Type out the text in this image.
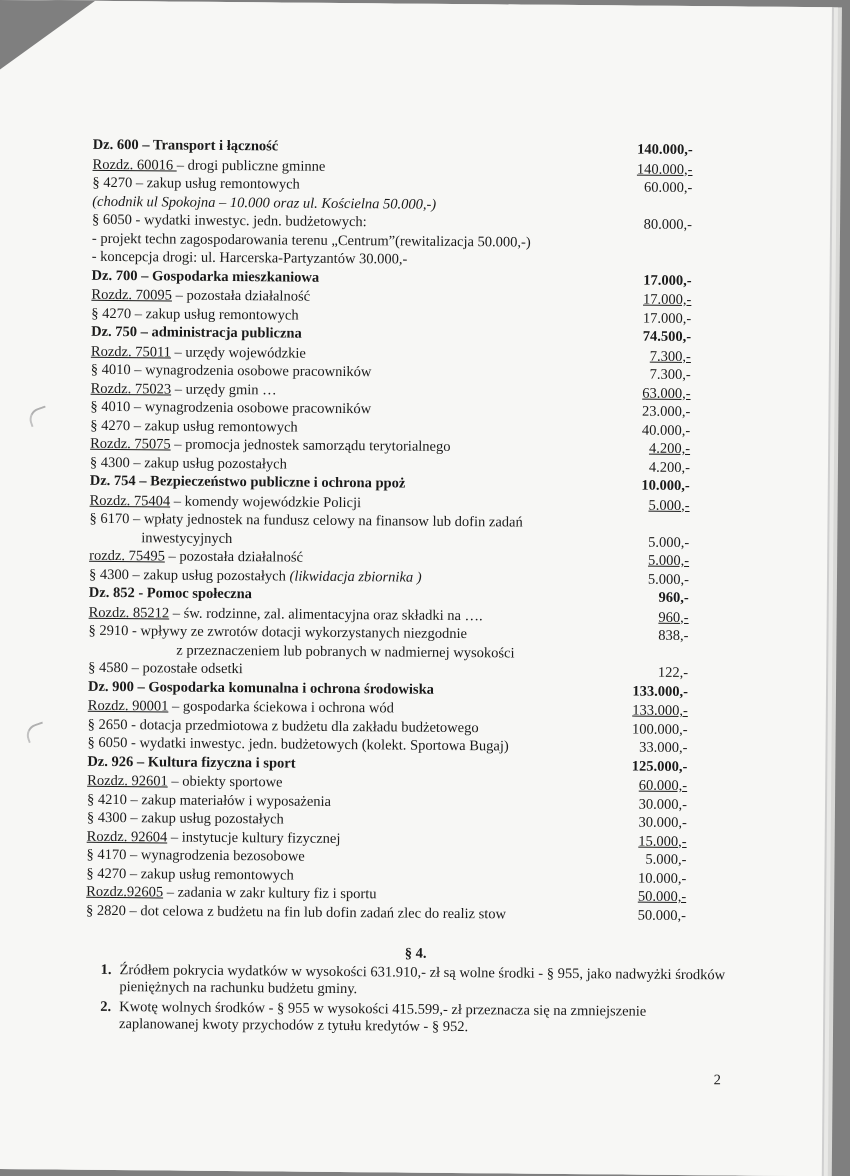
Dz. 600 – Transport i łączność	140.000,-
Rozdz. 60016 – drogi publiczne gminne	140.000,-
§ 4270 – zakup usług remontowych	60.000,-
(chodnik ul Spokojna – 10.000 oraz ul. Kościelna 50.000,-)
§ 6050 - wydatki inwestyc. jedn. budżetowych:	80.000,-
- projekt techn zagospodarowania terenu „Centrum”(rewitalizacja 50.000,-)
- koncepcja drogi: ul. Harcerska-Partyzantów 30.000,-
Dz. 700 – Gospodarka mieszkaniowa	17.000,-
Rozdz. 70095 – pozostała działalność	17.000,-
§ 4270 – zakup usług remontowych	17.000,-
Dz. 750 – administracja publiczna	74.500,-
Rozdz. 75011 – urzędy wojewódzkie	7.300,-
§ 4010 – wynagrodzenia osobowe pracowników	7.300,-
Rozdz. 75023 – urzędy gmin …	63.000,-
§ 4010 – wynagrodzenia osobowe pracowników	23.000,-
§ 4270 – zakup usług remontowych	40.000,-
Rozdz. 75075 – promocja jednostek samorządu terytorialnego	4.200,-
§ 4300 – zakup usług pozostałych	4.200,-
Dz. 754 – Bezpieczeństwo publiczne i ochrona ppoż	10.000,-
Rozdz. 75404 – komendy wojewódzkie Policji	5.000,-
§ 6170 – wpłaty jednostek na fundusz celowy na finansow lub dofin zadań
inwestycyjnych	5.000,-
rozdz. 75495 – pozostała działalność	5.000,-
§ 4300 – zakup usług pozostałych (likwidacja zbiornika )	5.000,-
Dz. 852 - Pomoc społeczna	960,-
Rozdz. 85212 – św. rodzinne, zal. alimentacyjna oraz składki na ….	960,-
§ 2910 - wpływy ze zwrotów dotacji wykorzystanych niezgodnie	838,-
z przeznaczeniem lub pobranych w nadmiernej wysokości
§ 4580 – pozostałe odsetki	122,-
Dz. 900 – Gospodarka komunalna i ochrona środowiska	133.000,-
Rozdz. 90001 – gospodarka ściekowa i ochrona wód	133.000,-
§ 2650 - dotacja przedmiotowa z budżetu dla zakładu budżetowego	100.000,-
§ 6050 - wydatki inwestyc. jedn. budżetowych (kolekt. Sportowa Bugaj)	33.000,-
Dz. 926 – Kultura fizyczna i sport	125.000,-
Rozdz. 92601 – obiekty sportowe	60.000,-
§ 4210 – zakup materiałów i wyposażenia	30.000,-
§ 4300 – zakup usług pozostałych	30.000,-
Rozdz. 92604 – instytucje kultury fizycznej	15.000,-
§ 4170 – wynagrodzenia bezosobowe	5.000,-
§ 4270 – zakup usług remontowych	10.000,-
Rozdz.92605 – zadania w zakr kultury fiz i sportu	50.000,-
§ 2820 – dot celowa z budżetu na fin lub dofin zadań zlec do realiz stow	50.000,-
§ 4.
1. Źródłem pokrycia wydatków w wysokości 631.910,- zł są wolne środki - § 955, jako nadwyżki środków pieniężnych na rachunku budżetu gminy.
2. Kwotę wolnych środków - § 955 w wysokości 415.599,- zł przeznacza się na zmniejszenie zaplanowanej kwoty przychodów z tytułu kredytów - § 952.
2
